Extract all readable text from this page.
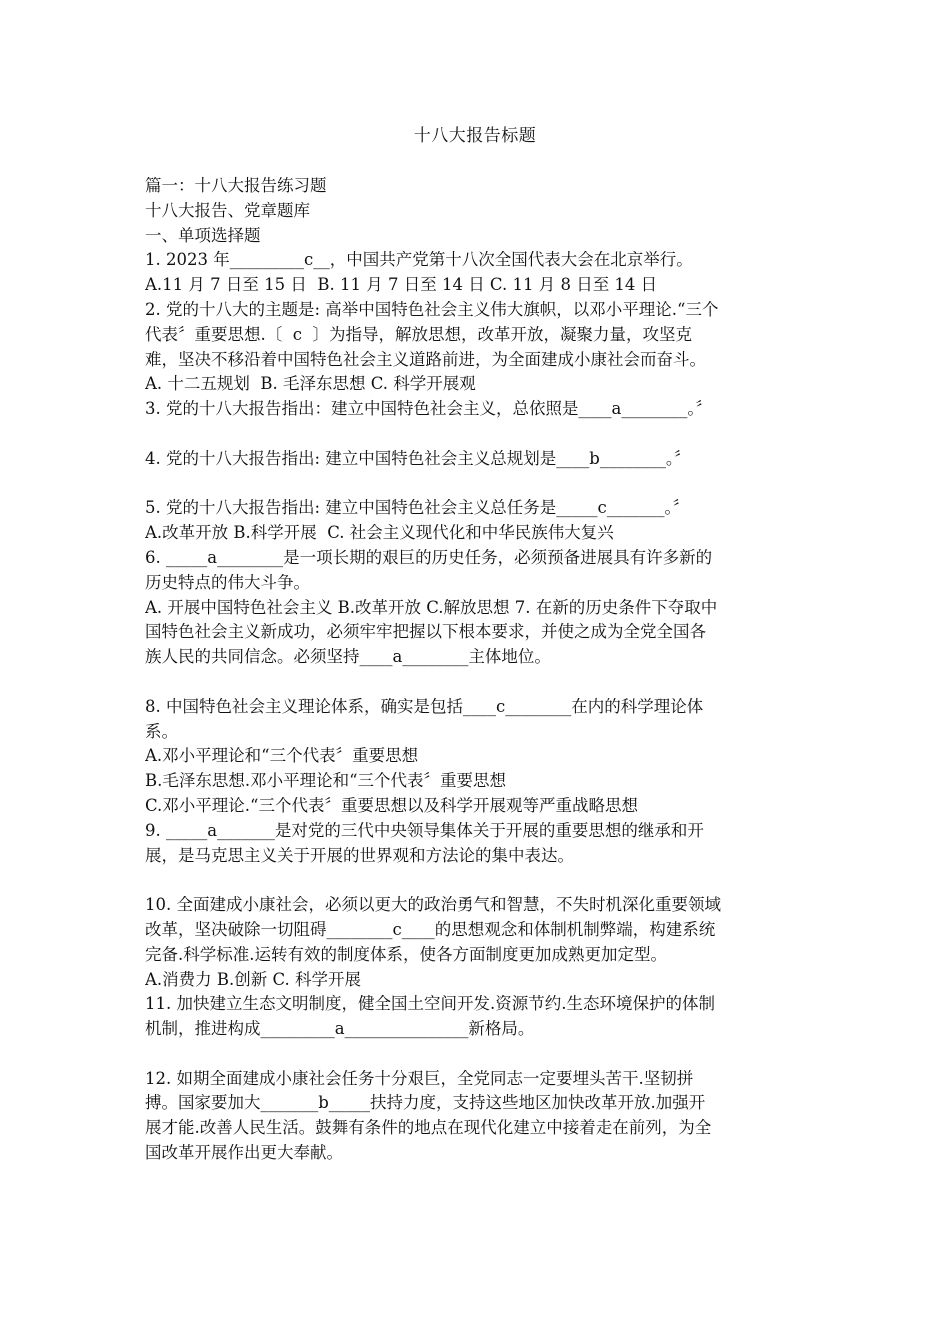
十八大报告标题
篇一：十八大报告练习题
十八大报告、党章题库
一、单项选择题
1. 2023 年_________c__，中国共产党第十八次全国代表大会在北京举行。
A.11 月 7 日至 15 日  B. 11 月 7 日至 14 日 C. 11 月 8 日至 14 日
2. 党的十八大的主题是: 高举中国特色社会主义伟大旗帜，以邓小平理论.“三个
代表〞重要思想.〔  c  〕为指导，解放思想，改革开放，凝聚力量，攻坚克
难，坚决不移沿着中国特色社会主义道路前进，为全面建成小康社会而奋斗。
A. 十二五规划  B. 毛泽东思想 C. 科学开展观
3. 党的十八大报告指出：建立中国特色社会主义，总依照是____a________。〞
4. 党的十八大报告指出: 建立中国特色社会主义总规划是____b________。〞
5. 党的十八大报告指出: 建立中国特色社会主义总任务是_____c_______。〞
A.改革开放 B.科学开展  C. 社会主义现代化和中华民族伟大复兴
6. _____a________是一项长期的艰巨的历史任务，必须预备进展具有许多新的
历史特点的伟大斗争。
A. 开展中国特色社会主义 B.改革开放 C.解放思想 7. 在新的历史条件下夺取中
国特色社会主义新成功，必须牢牢把握以下根本要求，并使之成为全党全国各
族人民的共同信念。必须坚持____a________主体地位。
8. 中国特色社会主义理论体系，确实是包括____c________在内的科学理论体
系。
A.邓小平理论和“三个代表〞重要思想
B.毛泽东思想.邓小平理论和“三个代表〞重要思想
C.邓小平理论.“三个代表〞重要思想以及科学开展观等严重战略思想
9. _____a_______是对党的三代中央领导集体关于开展的重要思想的继承和开
展，是马克思主义关于开展的世界观和方法论的集中表达。
10. 全面建成小康社会，必须以更大的政治勇气和智慧，不失时机深化重要领域
改革，坚决破除一切阻碍________c____的思想观念和体制机制弊端，构建系统
完备.科学标准.运转有效的制度体系，使各方面制度更加成熟更加定型。
A.消费力 B.创新 C. 科学开展
11. 加快建立生态文明制度，健全国土空间开发.资源节约.生态环境保护的体制
机制，推进构成_________a_______________新格局。
12. 如期全面建成小康社会任务十分艰巨，全党同志一定要埋头苦干.坚韧拼
搏。国家要加大_______b_____扶持力度，支持这些地区加快改革开放.加强开
展才能.改善人民生活。鼓舞有条件的地点在现代化建立中接着走在前列，为全
国改革开展作出更大奉献。
